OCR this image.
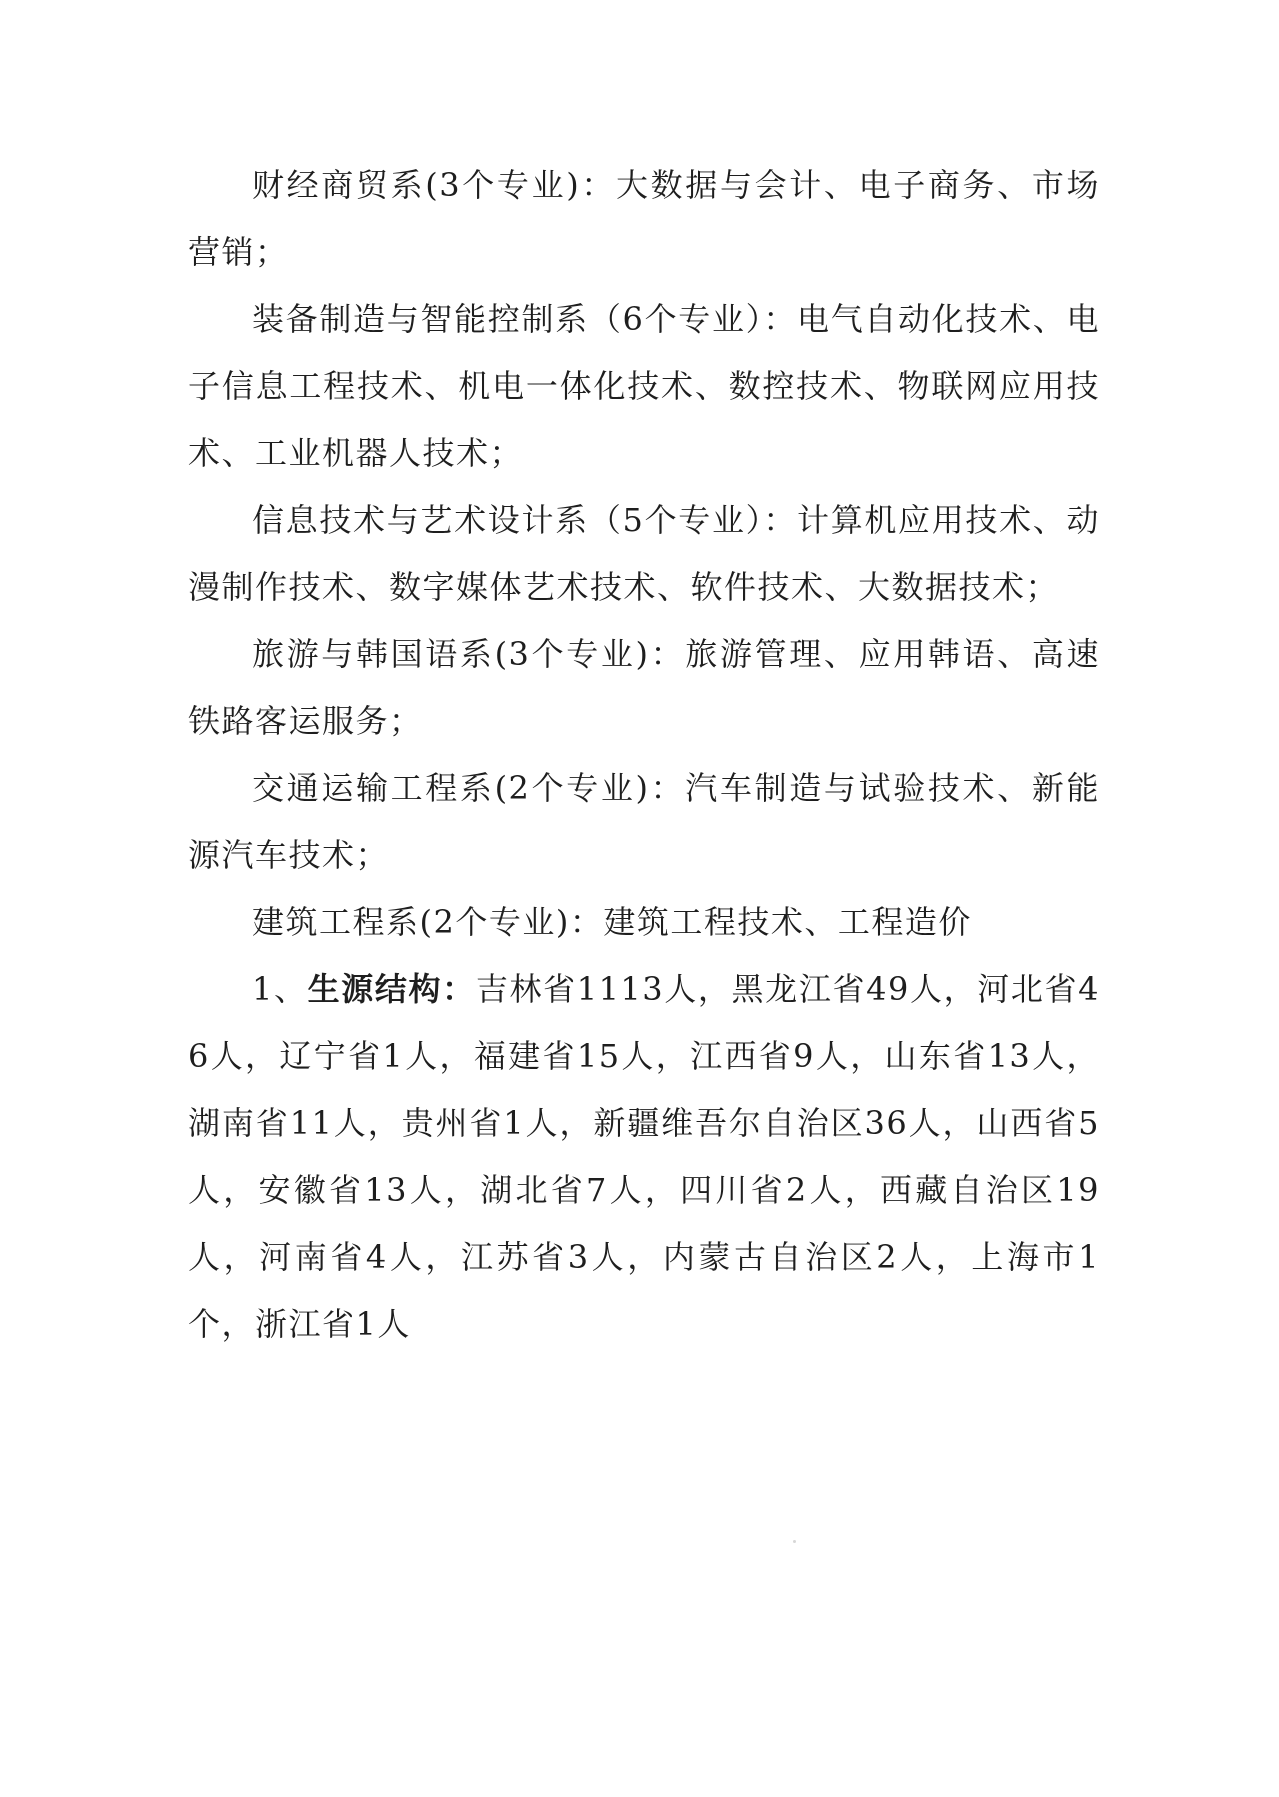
财经商贸系(3个专业)：大数据与会计、电子商务、市场营销；

装备制造与智能控制系（6个专业）：电气自动化技术、电子信息工程技术、机电一体化技术、数控技术、物联网应用技术、工业机器人技术；

信息技术与艺术设计系（5个专业）：计算机应用技术、动漫制作技术、数字媒体艺术技术、软件技术、大数据技术；

旅游与韩国语系(3个专业)：旅游管理、应用韩语、高速铁路客运服务；

交通运输工程系(2个专业)：汽车制造与试验技术、新能源汽车技术；

建筑工程系(2个专业)：建筑工程技术、工程造价

1、生源结构：吉林省1113人，黑龙江省49人，河北省46人，辽宁省1人，福建省15人，江西省9人，山东省13人，湖南省11人，贵州省1人，新疆维吾尔自治区36人，山西省5人，安徽省13人，湖北省7人，四川省2人，西藏自治区19人，河南省4人，江苏省3人，内蒙古自治区2人，上海市1个，浙江省1人
